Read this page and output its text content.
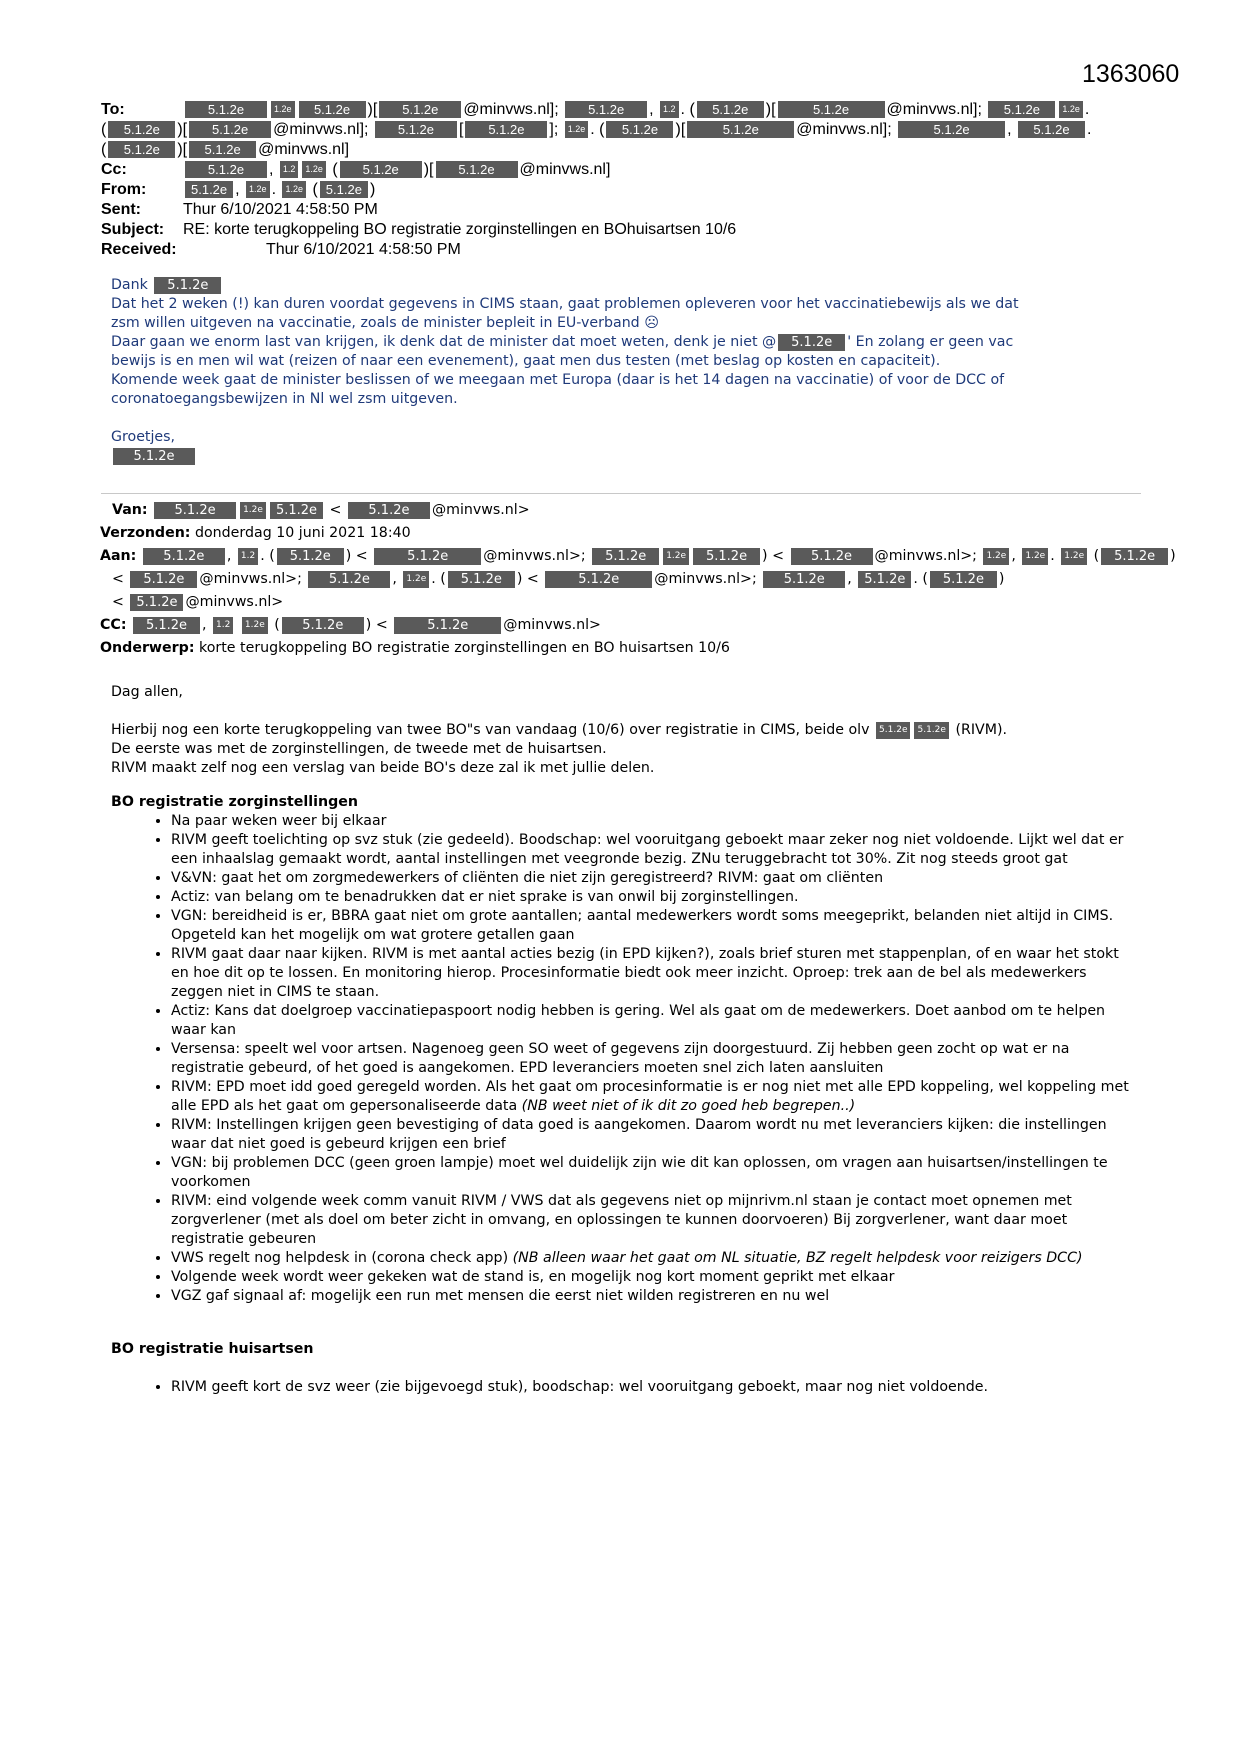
1363060
To:	5.1.2e	1.2e 5.1.2e )[ 5.1.2e @minvws.nl]; 5.1.2e , 1.2 . ( 5.1.2e )[	5.1.2e @minvws.nl]; 5.1.2e 1.2e .
( 5.1.2e )[ 5.1.2e @minvws.nl]; 5.1.2e [ 5.1.2e ]; 1.2e . ( 5.1.2e )[	5.1.2e @minvws.nl];	5.1.2e , 5.1.2e .
( 5.1.2e )[ 5.1.2e @minvws.nl]
Cc:	5.1.2e , 1.2 1.2e ( 5.1.2e )[ 5.1.2e @minvws.nl]
From:	5.1.2e , 1.2e . 1.2e ( 5.1.2e )
Sent:	Thur 6/10/2021 4:58:50 PM
Subject: RE: korte terugkoppeling BO registratie zorginstellingen en BOhuisartsen 10/6
Received:	Thur 6/10/2021 4:58:50 PM

Dank 5.1.2e

Dat het 2 weken (!) kan duren voordat gegevens in CIMS staan, gaat problemen opleveren voor het vaccinatiebewijs als we dat

zsm willen uitgeven na vaccinatie, zoals de minister bepleit in EU-verband ☹

Daar gaan we enorm last van krijgen, ik denk dat de minister dat moet weten, denk je niet @ 5.1.2e ' En zolang er geen vac

bewijs is en men wil wat (reizen of naar een evenement), gaat men dus testen (met beslag op kosten en capaciteit).

Komende week gaat de minister beslissen of we meegaan met Europa (daar is het 14 dagen na vaccinatie) of voor de DCC of

coronatoegangsbewijzen in Nl wel zsm uitgeven.

Groetjes,

5.1.2e

Van: 5.1.2e	1.2e 5.1.2e < 5.1.2e @minvws.nl>
Verzonden: donderdag 10 juni 2021 18:40
Aan: 5.1.2e , 1.2 . ( 5.1.2e ) <	5.1.2e @minvws.nl>; 5.1.2e 1.2e 5.1.2e ) < 5.1.2e @minvws.nl>; 1.2e , 1.2e . 1.2e ( 5.1.2e )
< 5.1.2e @minvws.nl>; 5.1.2e , 1.2e . ( 5.1.2e ) <	5.1.2e @minvws.nl>; 5.1.2e , 5.1.2e . ( 5.1.2e )
< 5.1.2e @minvws.nl>
CC: 5.1.2e , 1.2 1.2e ( 5.1.2e ) <	5.1.2e @minvws.nl>
Onderwerp: korte terugkoppeling BO registratie zorginstellingen en BO huisartsen 10/6

Dag allen,

Hierbij nog een korte terugkoppeling van twee BO"s van vandaag (10/6) over registratie in CIMS, beide olv 5.1.2e 5.1.2e (RIVM).

De eerste was met de zorginstellingen, de tweede met de huisartsen.

RIVM maakt zelf nog een verslag van beide BO's deze zal ik met jullie delen.

BO registratie zorginstellingen
• Na paar weken weer bij elkaar
• RIVM geeft toelichting op svz stuk (zie gedeeld). Boodschap: wel vooruitgang geboekt maar zeker nog niet voldoende. Lijkt wel dat er een inhaalslag gemaakt wordt, aantal instellingen met veegronde bezig. ZNu teruggebracht tot 30%. Zit nog steeds groot gat
• V&VN: gaat het om zorgmedewerkers of cliënten die niet zijn geregistreerd? RIVM: gaat om cliënten
• Actiz: van belang om te benadrukken dat er niet sprake is van onwil bij zorginstellingen.
• VGN: bereidheid is er, BBRA gaat niet om grote aantallen; aantal medewerkers wordt soms meegeprikt, belanden niet altijd in CIMS. Opgeteld kan het mogelijk om wat grotere getallen gaan
• RIVM gaat daar naar kijken. RIVM is met aantal acties bezig (in EPD kijken?), zoals brief sturen met stappenplan, of en waar het stokt en hoe dit op te lossen. En monitoring hierop. Procesinformatie biedt ook meer inzicht. Oproep: trek aan de bel als medewerkers zeggen niet in CIMS te staan.
• Actiz: Kans dat doelgroep vaccinatiepaspoort nodig hebben is gering. Wel als gaat om de medewerkers. Doet aanbod om te helpen waar kan
• Versensa: speelt wel voor artsen. Nagenoeg geen SO weet of gegevens zijn doorgestuurd. Zij hebben geen zocht op wat er na registratie gebeurd, of het goed is aangekomen. EPD leveranciers moeten snel zich laten aansluiten
• RIVM: EPD moet idd goed geregeld worden. Als het gaat om procesinformatie is er nog niet met alle EPD koppeling, wel koppeling met alle EPD als het gaat om gepersonaliseerde data (NB weet niet of ik dit zo goed heb begrepen..)
• RIVM: Instellingen krijgen geen bevestiging of data goed is aangekomen. Daarom wordt nu met leveranciers kijken: die instellingen waar dat niet goed is gebeurd krijgen een brief
• VGN: bij problemen DCC (geen groen lampje) moet wel duidelijk zijn wie dit kan oplossen, om vragen aan huisartsen/instellingen te voorkomen
• RIVM: eind volgende week comm vanuit RIVM / VWS dat als gegevens niet op mijnrivm.nl staan je contact moet opnemen met zorgverlener (met als doel om beter zicht in omvang, en oplossingen te kunnen doorvoeren) Bij zorgverlener, want daar moet registratie gebeuren
• VWS regelt nog helpdesk in (corona check app) (NB alleen waar het gaat om NL situatie, BZ regelt helpdesk voor reizigers DCC)
• Volgende week wordt weer gekeken wat de stand is, en mogelijk nog kort moment geprikt met elkaar
• VGZ gaf signaal af: mogelijk een run met mensen die eerst niet wilden registreren en nu wel
BO registratie huisartsen
• RIVM geeft kort de svz weer (zie bijgevoegd stuk), boodschap: wel vooruitgang geboekt, maar nog niet voldoende.
